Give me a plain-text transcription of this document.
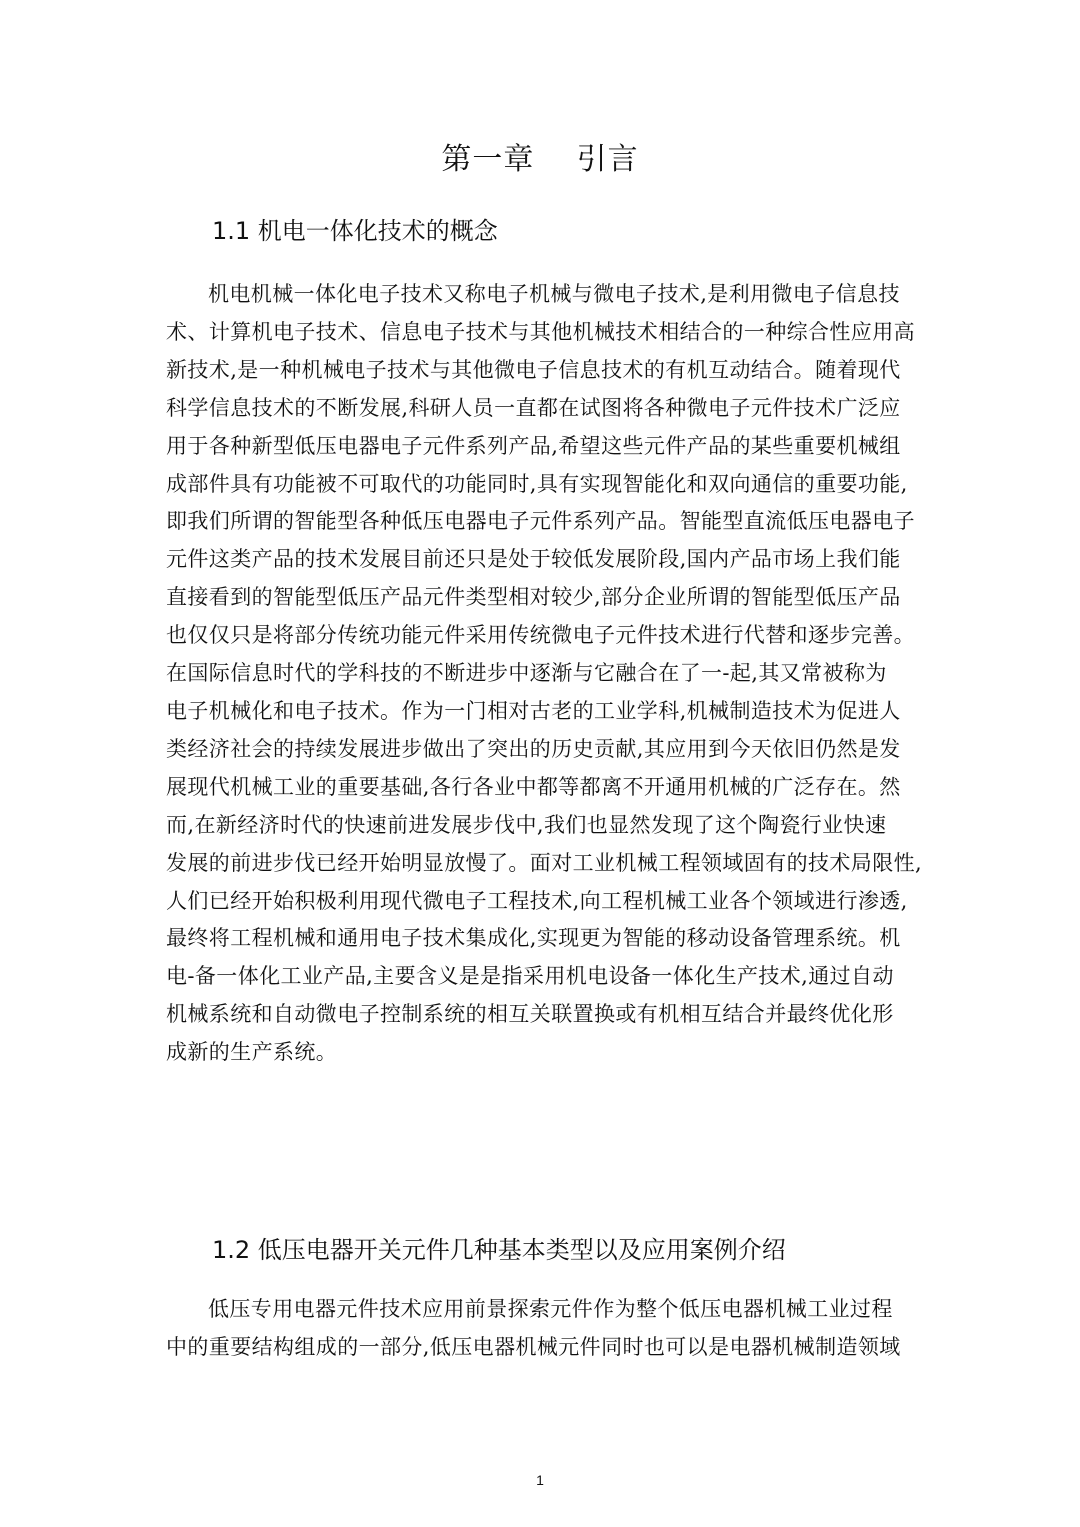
第一章    引言
1.1 机电一体化技术的概念
机电机械一体化电子技术又称电子机械与微电子技术,是利用微电子信息技
术、计算机电子技术、信息电子技术与其他机械技术相结合的一种综合性应用高
新技术,是一种机械电子技术与其他微电子信息技术的有机互动结合。随着现代
科学信息技术的不断发展,科研人员一直都在试图将各种微电子元件技术广泛应
用于各种新型低压电器电子元件系列产品,希望这些元件产品的某些重要机械组
成部件具有功能被不可取代的功能同时,具有实现智能化和双向通信的重要功能,
即我们所谓的智能型各种低压电器电子元件系列产品。智能型直流低压电器电子
元件这类产品的技术发展目前还只是处于较低发展阶段,国内产品市场上我们能
直接看到的智能型低压产品元件类型相对较少,部分企业所谓的智能型低压产品
也仅仅只是将部分传统功能元件采用传统微电子元件技术进行代替和逐步完善。
在国际信息时代的学科技的不断进步中逐渐与它融合在了一-起,其又常被称为
电子机械化和电子技术。作为一门相对古老的工业学科,机械制造技术为促进人
类经济社会的持续发展进步做出了突出的历史贡献,其应用到今天依旧仍然是发
展现代机械工业的重要基础,各行各业中都等都离不开通用机械的广泛存在。然
而,在新经济时代的快速前进发展步伐中,我们也显然发现了这个陶瓷行业快速
发展的前进步伐已经开始明显放慢了。面对工业机械工程领域固有的技术局限性,
人们已经开始积极利用现代微电子工程技术,向工程机械工业各个领域进行渗透,
最终将工程机械和通用电子技术集成化,实现更为智能的移动设备管理系统。机
电-备一体化工业产品,主要含义是是指采用机电设备一体化生产技术,通过自动
机械系统和自动微电子控制系统的相互关联置换或有机相互结合并最终优化形
成新的生产系统。
1.2 低压电器开关元件几种基本类型以及应用案例介绍
低压专用电器元件技术应用前景探索元件作为整个低压电器机械工业过程
中的重要结构组成的一部分,低压电器机械元件同时也可以是电器机械制造领域
1
